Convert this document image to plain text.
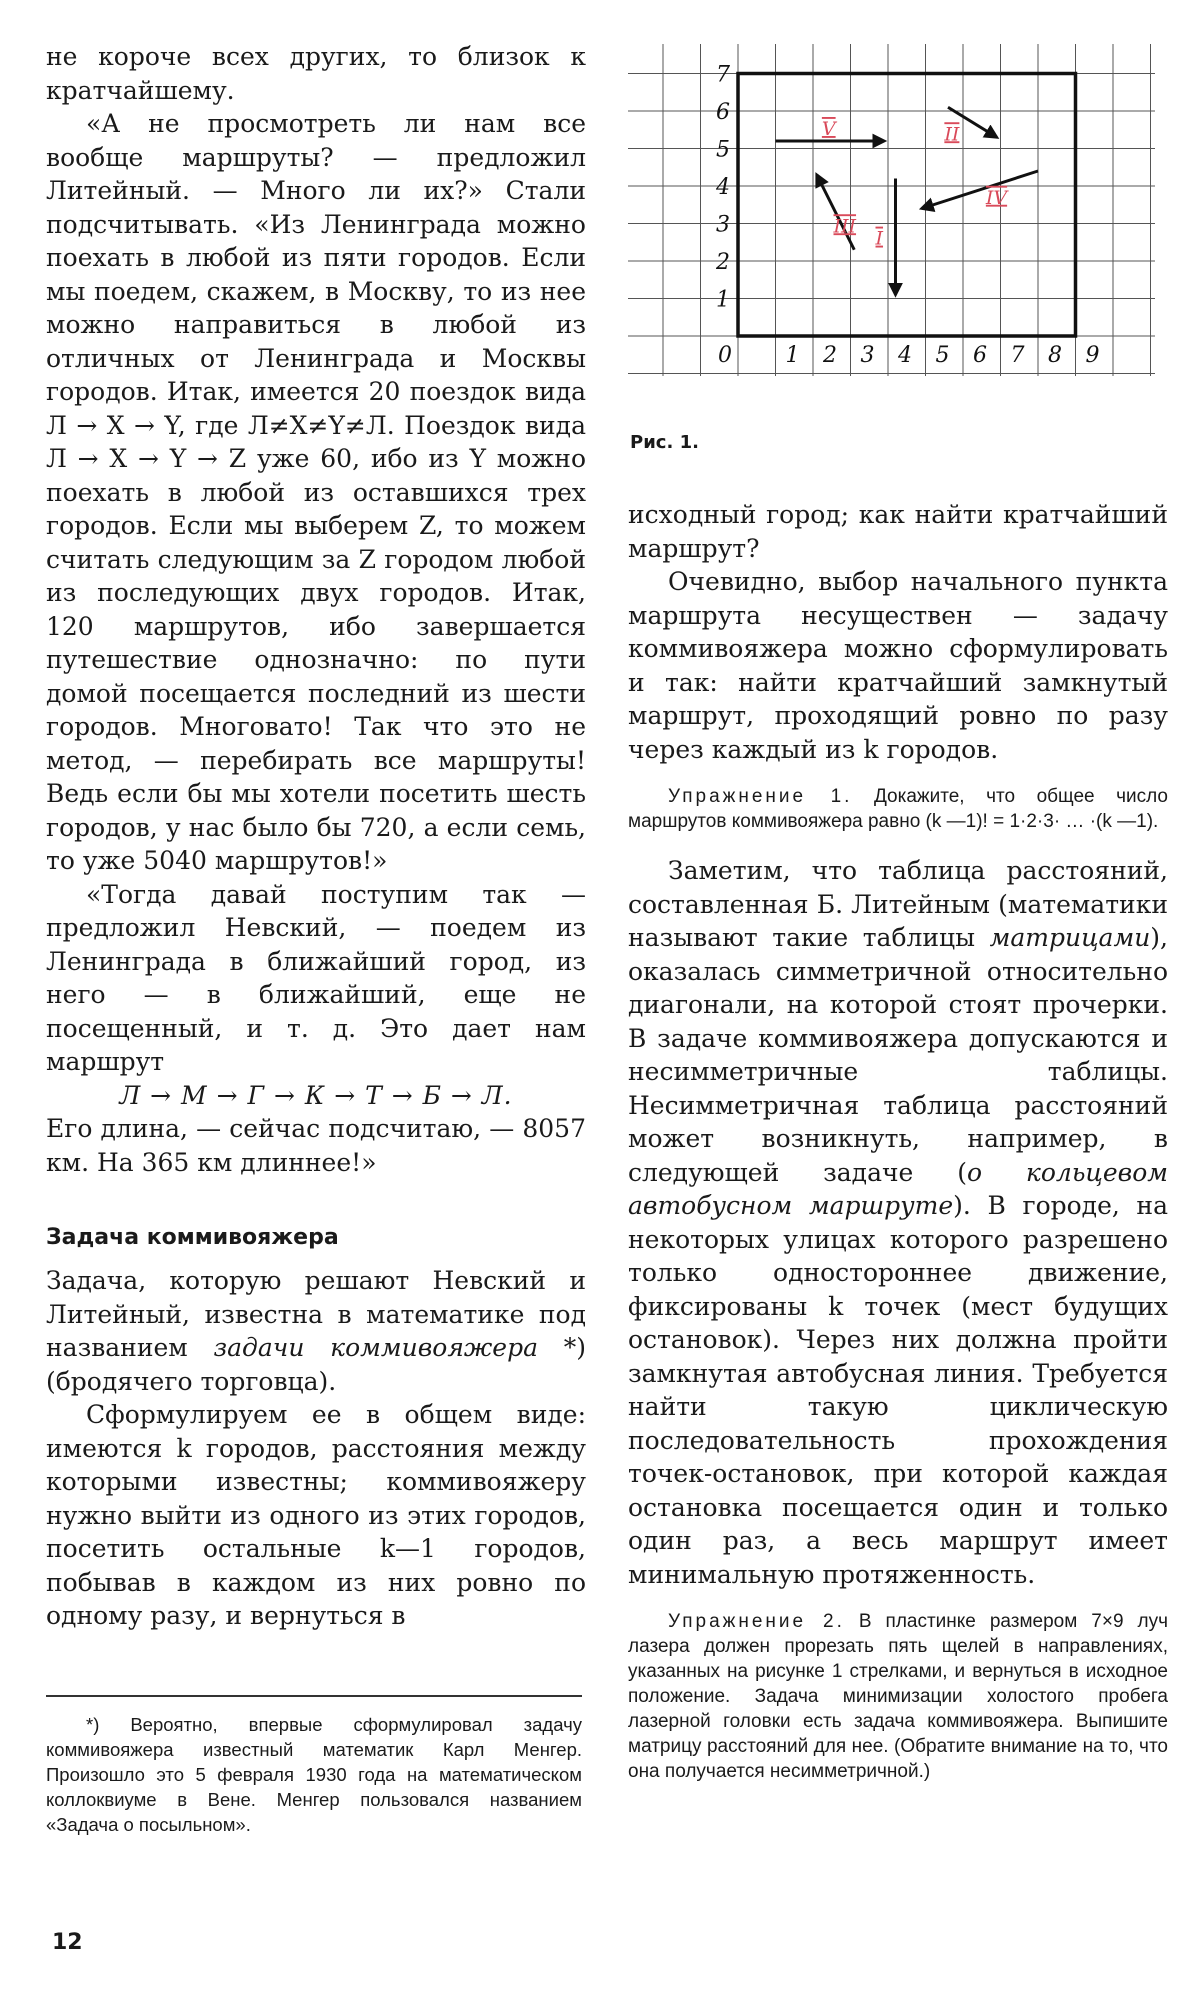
не короче всех других, то близок к кратчайшему.

«А не просмотреть ли нам все вообще маршруты? — предложил Литейный. — Много ли их?» Стали подсчитывать. «Из Ленинграда можно поехать в любой из пяти городов. Если мы поедем, скажем, в Москву, то из нее можно направиться в любой из отличных от Ленинграда и Москвы городов. Итак, имеется 20 поездок вида Л → X → Y, где Л≠X≠Y≠Л. Поездок вида Л → X → Y → Z уже 60, ибо из Y можно поехать в любой из оставшихся трех городов. Если мы выберем Z, то можем считать следующим за Z городом любой из последующих двух городов. Итак, 120 маршрутов, ибо завершается путешествие однозначно: по пути домой посещается последний из шести городов. Многовато! Так что это не метод, — перебирать все маршруты! Ведь если бы мы хотели посетить шесть городов, у нас было бы 720, а если семь, то уже 5040 маршрутов!»

«Тогда давай поступим так — предложил Невский, — поедем из Ленинграда в ближайший город, из него — в ближайший, еще не посещенный, и т. д. Это дает нам маршрут

Л → М → Г → К → Т → Б → Л.

Его длина, — сейчас подсчитаю, — 8057 км. На 365 км длиннее!»

Задача коммивояжера

Задача, которую решают Невский и Литейный, известна в математике под названием задачи коммивояжера *) (бродячего торговца).

Сформулируем ее в общем виде: имеются k городов, расстояния между которыми известны; коммивояжеру нужно выйти из одного из этих городов, посетить остальные k—1 городов, побывав в каждом из них ровно по одному разу, и вернуться в

*) Вероятно, впервые сформулировал задачу коммивояжера известный математик Карл Менгер. Произошло это 5 февраля 1930 года на математическом коллоквиуме в Вене. Менгер пользовался названием «Задача о посыльном».
12
0 1 2 3 4 5 6 7 8 9
1
2
3
4
5
6
7
I
II
III
IV
V
Рис. 1.

исходный город; как найти кратчайший маршрут?

Очевидно, выбор начального пункта маршрута несуществен — задачу коммивояжера можно сформулировать и так: найти кратчайший замкнутый маршрут, проходящий ровно по разу через каждый из k городов.

Упражнение 1. Докажите, что общее число маршрутов коммивояжера равно (k —1)! = 1·2·3· … ·(k —1).

Заметим, что таблица расстояний, составленная Б. Литейным (математики называют такие таблицы матрицами), оказалась симметричной относительно диагонали, на которой стоят прочерки. В задаче коммивояжера допускаются и несимметричные таблицы. Несимметричная таблица расстояний может возникнуть, например, в следующей задаче (о кольцевом автобусном маршруте). В городе, на некоторых улицах которого разрешено только одностороннее движение, фиксированы k точек (мест будущих остановок). Через них должна пройти замкнутая автобусная линия. Требуется найти такую циклическую последовательность прохождения точек-остановок, при которой каждая остановка посещается один и только один раз, а весь маршрут имеет минимальную протяженность.

Упражнение 2. В пластинке размером 7×9 луч лазера должен прорезать пять щелей в направлениях, указанных на рисунке 1 стрелками, и вернуться в исходное положение. Задача минимизации холостого пробега лазерной головки есть задача коммивояжера. Выпишите матрицу расстояний для нее. (Обратите внимание на то, что она получается несимметричной.)
